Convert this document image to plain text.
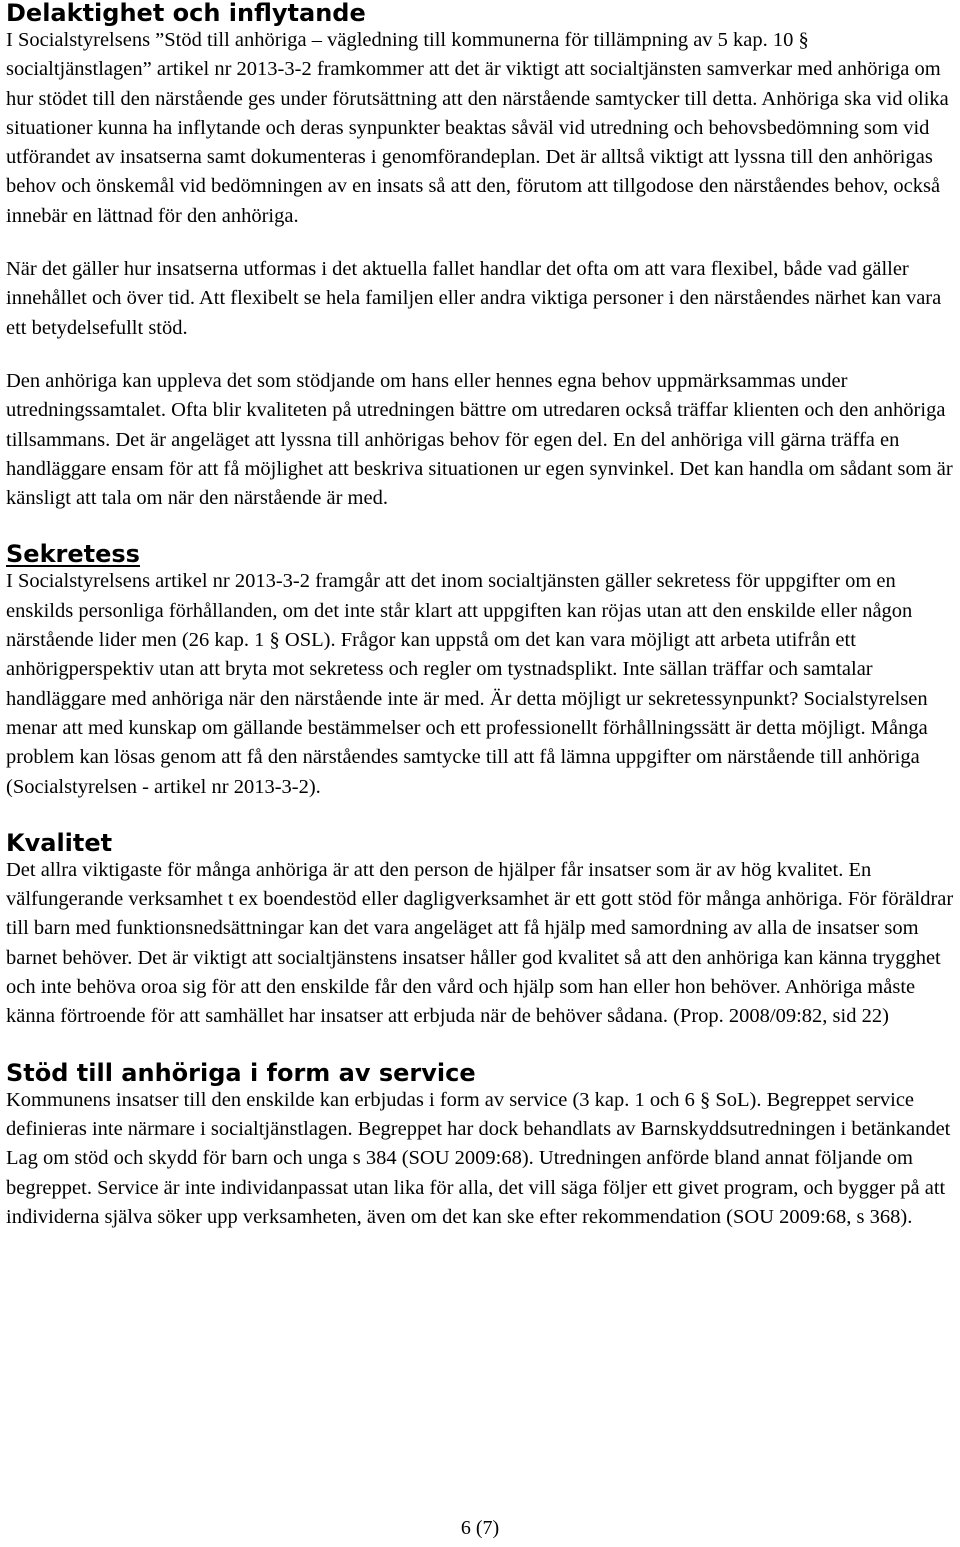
Delaktighet och inflytande

I Socialstyrelsens ”Stöd till anhöriga – vägledning till kommunerna för tillämpning av 5 kap. 10 § socialtjänstlagen” artikel nr 2013-3-2 framkommer att det är viktigt att socialtjänsten samverkar med anhöriga om hur stödet till den närstående ges under förutsättning att den närstående samtycker till detta. Anhöriga ska vid olika situationer kunna ha inflytande och deras synpunkter beaktas såväl vid utredning och behovsbedömning som vid utförandet av insatserna samt dokumenteras i genomförandeplan. Det är alltså viktigt att lyssna till den anhörigas behov och önskemål vid bedömningen av en insats så att den, förutom att tillgodose den närståendes behov, också innebär en lättnad för den anhöriga.

När det gäller hur insatserna utformas i det aktuella fallet handlar det ofta om att vara flexibel, både vad gäller innehållet och över tid. Att flexibelt se hela familjen eller andra viktiga personer i den närståendes närhet kan vara ett betydelsefullt stöd.

Den anhöriga kan uppleva det som stödjande om hans eller hennes egna behov uppmärksammas under utredningssamtalet. Ofta blir kvaliteten på utredningen bättre om utredaren också träffar klienten och den anhöriga tillsammans. Det är angeläget att lyssna till anhörigas behov för egen del. En del anhöriga vill gärna träffa en handläggare ensam för att få möjlighet att beskriva situationen ur egen synvinkel. Det kan handla om sådant som är känsligt att tala om när den närstående är med.

Sekretess

I Socialstyrelsens artikel nr 2013-3-2 framgår att det inom socialtjänsten gäller sekretess för uppgifter om en enskilds personliga förhållanden, om det inte står klart att uppgiften kan röjas utan att den enskilde eller någon närstående lider men (26 kap. 1 § OSL). Frågor kan uppstå om det kan vara möjligt att arbeta utifrån ett anhörigperspektiv utan att bryta mot sekretess och regler om tystnadsplikt. Inte sällan träffar och samtalar handläggare med anhöriga när den närstående inte är med. Är detta möjligt ur sekretessynpunkt? Socialstyrelsen menar att med kunskap om gällande bestämmelser och ett professionellt förhållningssätt är detta möjligt. Många problem kan lösas genom att få den närståendes samtycke till att få lämna uppgifter om närstående till anhöriga (Socialstyrelsen - artikel nr 2013-3-2).

Kvalitet

Det allra viktigaste för många anhöriga är att den person de hjälper får insatser som är av hög kvalitet. En välfungerande verksamhet t ex boendestöd eller dagligverksamhet är ett gott stöd för många anhöriga. För föräldrar till barn med funktionsnedsättningar kan det vara angeläget att få hjälp med samordning av alla de insatser som barnet behöver. Det är viktigt att socialtjänstens insatser håller god kvalitet så att den anhöriga kan känna trygghet och inte behöva oroa sig för att den enskilde får den vård och hjälp som han eller hon behöver. Anhöriga måste känna förtroende för att samhället har insatser att erbjuda när de behöver sådana. (Prop. 2008/09:82, sid 22)

Stöd till anhöriga i form av service

Kommunens insatser till den enskilde kan erbjudas i form av service (3 kap. 1 och 6 § SoL). Begreppet service definieras inte närmare i socialtjänstlagen. Begreppet har dock behandlats av Barnskyddsutredningen i betänkandet Lag om stöd och skydd för barn och unga s 384 (SOU 2009:68). Utredningen anförde bland annat följande om begreppet. Service är inte individanpassat utan lika för alla, det vill säga följer ett givet program, och bygger på att individerna själva söker upp verksamheten, även om det kan ske efter rekommendation (SOU 2009:68, s 368).

6 (7)
